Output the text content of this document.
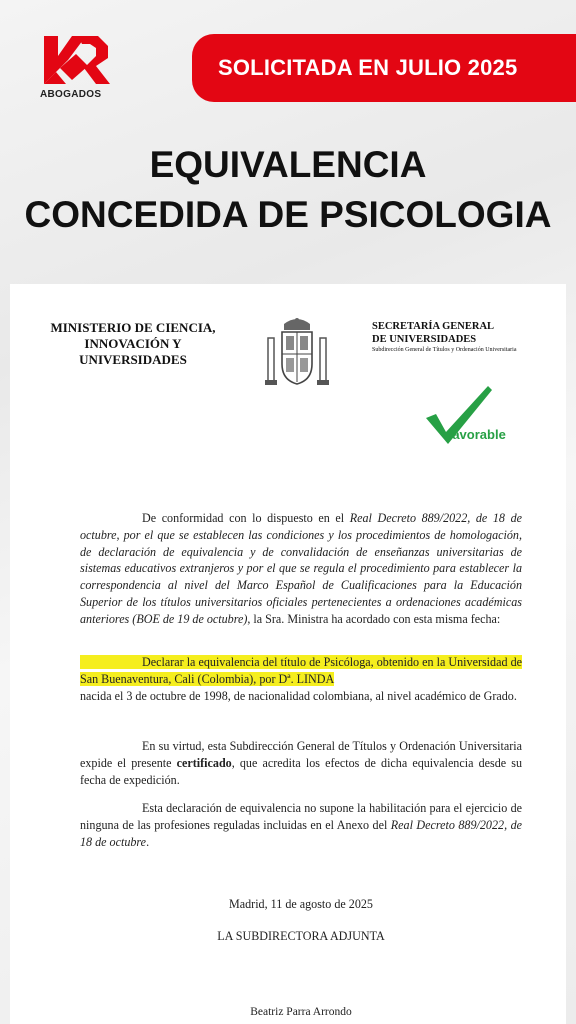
ABOGADOS
SOLICITADA EN JULIO 2025
EQUIVALENCIA
CONCEDIDA DE PSICOLOGIA
MINISTERIO DE CIENCIA,
INNOVACIÓN Y
UNIVERSIDADES
SECRETARÍA GENERAL
DE UNIVERSIDADES
Subdirección General de Títulos y Ordenación Universitaria
favorable

De conformidad con lo dispuesto en el Real Decreto 889/2022, de 18 de octubre, por el que se establecen las condiciones y los procedimientos de homologación, de declaración de equivalencia y de convalidación de enseñanzas universitarias de sistemas educativos extranjeros y por el que se regula el procedimiento para establecer la correspondencia al nivel del Marco Español de Cualificaciones para la Educación Superior de los títulos universitarios oficiales pertenecientes a ordenaciones académicas anteriores (BOE de 19 de octubre), la Sra. Ministra ha acordado con esta misma fecha:

Declarar la equivalencia del título de Psicóloga, obtenido en la Universidad de San Buenaventura, Cali (Colombia), por Dª. LINDA
nacida el 3 de octubre de 1998, de nacionalidad colombiana, al nivel académico de Grado.

En su virtud, esta Subdirección General de Títulos y Ordenación Universitaria expide el presente certificado, que acredita los efectos de dicha equivalencia desde su fecha de expedición.

Esta declaración de equivalencia no supone la habilitación para el ejercicio de ninguna de las profesiones reguladas incluidas en el Anexo del Real Decreto 889/2022, de 18 de octubre.

Madrid, 11 de agosto de 2025
LA SUBDIRECTORA ADJUNTA
Beatriz Parra Arrondo
